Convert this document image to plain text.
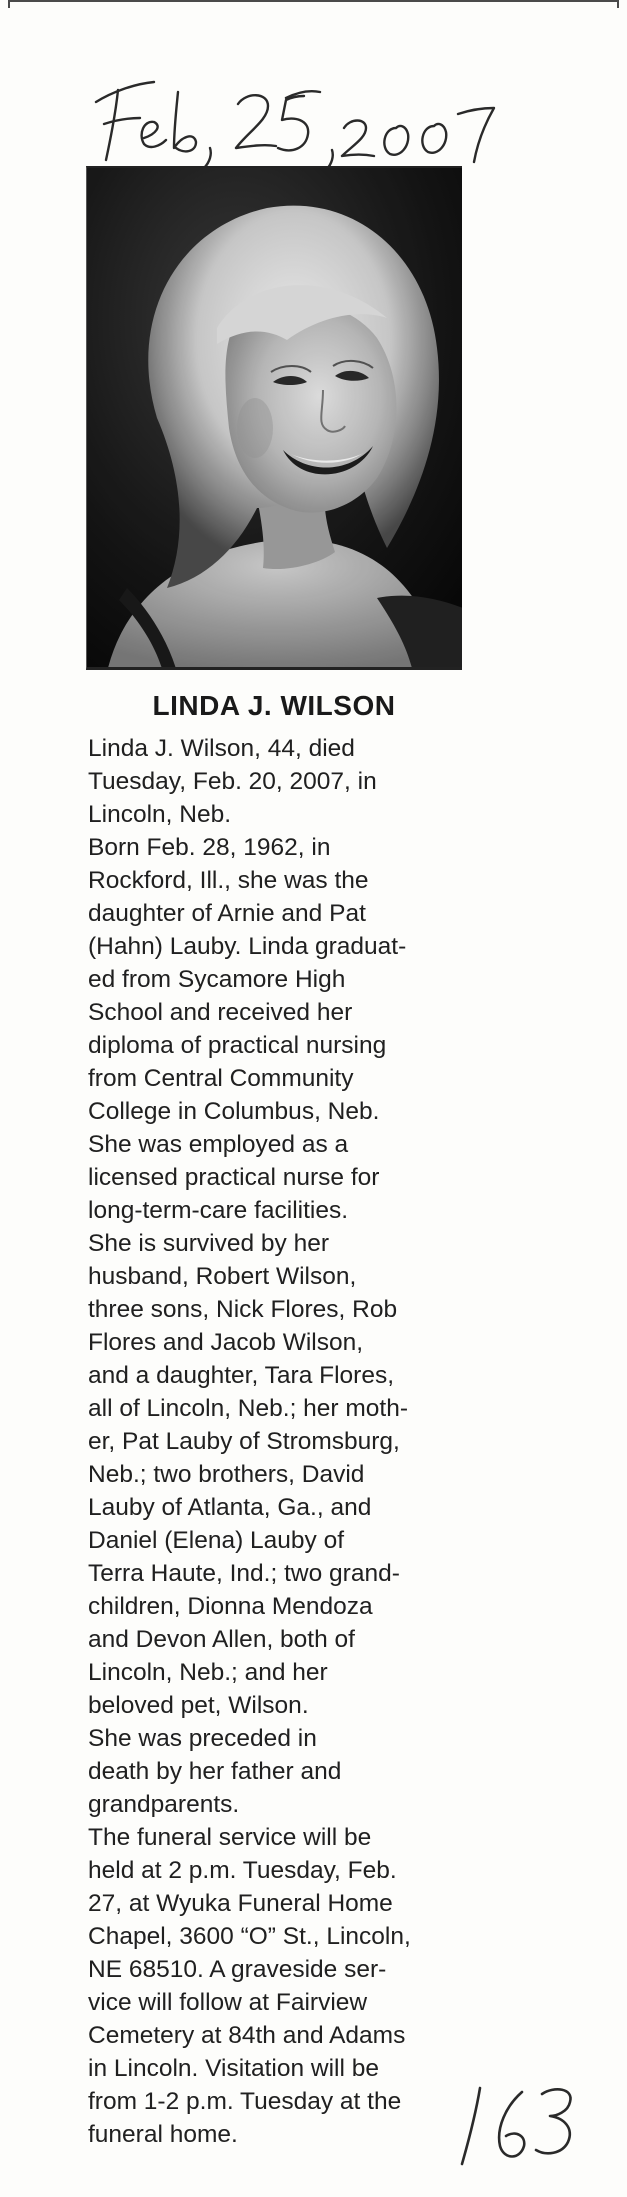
LINDA J. WILSON
Linda J. Wilson, 44, died
Tuesday, Feb. 20, 2007, in
Lincoln, Neb.
Born Feb. 28, 1962, in
Rockford, Ill., she was the
daughter of Arnie and Pat
(Hahn) Lauby. Linda graduat-
ed from Sycamore High
School and received her
diploma of practical nursing
from Central Community
College in Columbus, Neb.
She was employed as a
licensed practical nurse for
long-term-care facilities.
She is survived by her
husband, Robert Wilson,
three sons, Nick Flores, Rob
Flores and Jacob Wilson,
and a daughter, Tara Flores,
all of Lincoln, Neb.; her moth-
er, Pat Lauby of Stromsburg,
Neb.; two brothers, David
Lauby of Atlanta, Ga., and
Daniel (Elena) Lauby of
Terra Haute, Ind.; two grand-
children, Dionna Mendoza
and Devon Allen, both of
Lincoln, Neb.; and her
beloved pet, Wilson.
She was preceded in
death by her father and
grandparents.
The funeral service will be
held at 2 p.m. Tuesday, Feb.
27, at Wyuka Funeral Home
Chapel, 3600 “O” St., Lincoln,
NE 68510. A graveside ser-
vice will follow at Fairview
Cemetery at 84th and Adams
in Lincoln. Visitation will be
from 1-2 p.m. Tuesday at the
funeral home.
